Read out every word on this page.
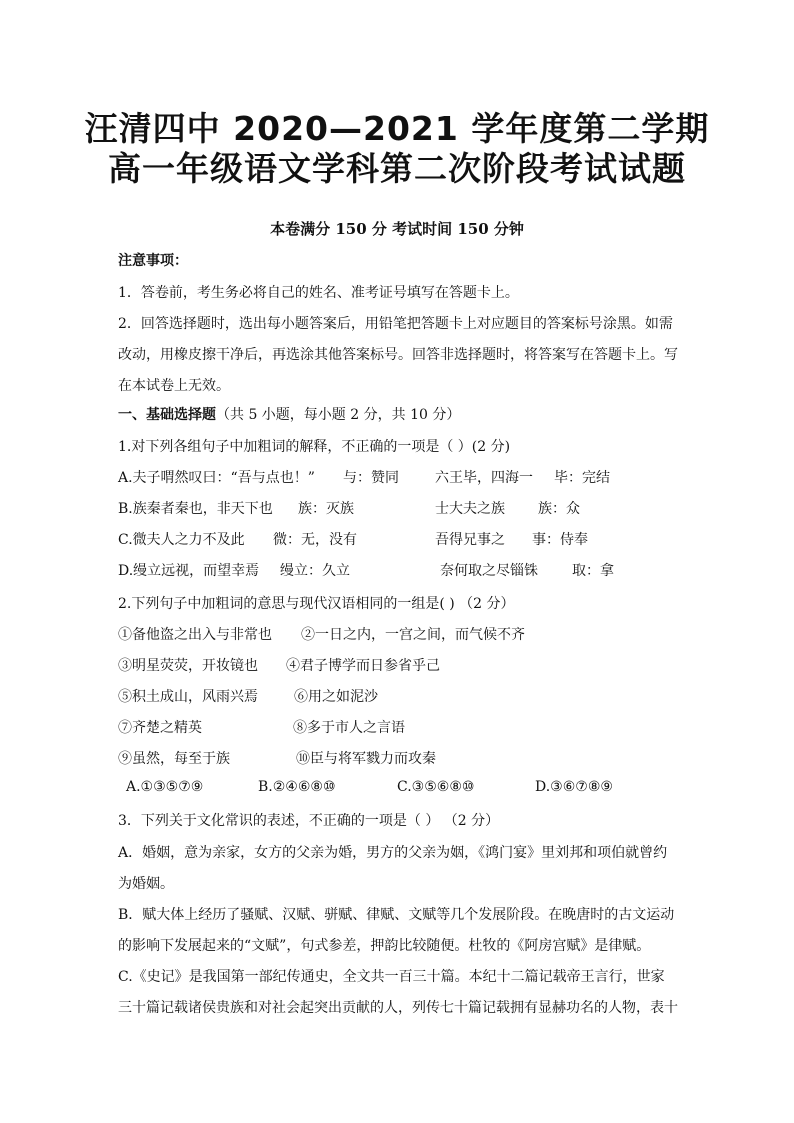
汪清四中 2020—2021 学年度第二学期
高一年级语文学科第二次阶段考试试题
本卷满分 150 分 考试时间 150 分钟
注意事项：
1．答卷前，考生务必将自己的姓名、准考证号填写在答题卡上。
2．回答选择题时，选出每小题答案后，用铅笔把答题卡上对应题目的答案标号涂黑。如需
改动，用橡皮擦干净后，再选涂其他答案标号。回答非选择题时，将答案写在答题卡上。写
在本试卷上无效。
一、基础选择题（共 5 小题，每小题 2 分，共 10 分）
1.对下列各组句子中加粗词的解释，不正确的一项是（ ）(2 分)
A.夫子喟然叹曰：“吾与点也！” 与：赞同	六王毕，四海一 毕：完结
B.族秦者秦也，非天下也 族：灭族	士大夫之族 族：众
C.微夫人之力不及此 微：无，没有	吾得兄事之 事：侍奉
D.缦立远视，而望幸焉 缦立：久立	奈何取之尽锱铢 取：拿
2.下列句子中加粗词的意思与现代汉语相同的一组是( ) （2 分）
①备他盗之出入与非常也 ②一日之内，一宫之间，而气候不齐
③明星荧荧，开妆镜也 ④君子博学而日参省乎己
⑤积土成山，风雨兴焉	⑥用之如泥沙
⑦齐楚之精英	⑧多于市人之言语
⑨虽然，每至于族	⑩臣与将军戮力而攻秦
A.①③⑤⑦⑨	B.②④⑥⑧⑩	C.③⑤⑥⑧⑩	D.③⑥⑦⑧⑨
3．下列关于文化常识的表述，不正确的一项是（ ） （2 分）
A．婚姻，意为亲家，女方的父亲为婚，男方的父亲为姻，《鸿门宴》里刘邦和项伯就曾约
为婚姻。
B．赋大体上经历了骚赋、汉赋、骈赋、律赋、文赋等几个发展阶段。在晚唐时的古文运动
的影响下发展起来的“文赋”，句式参差，押韵比较随便。杜牧的《阿房宫赋》是律赋。
C.《史记》是我国第一部纪传通史，全文共一百三十篇。本纪十二篇记载帝王言行，世家
三十篇记载诸侯贵族和对社会起突出贡献的人，列传七十篇记载拥有显赫功名的人物，表十
